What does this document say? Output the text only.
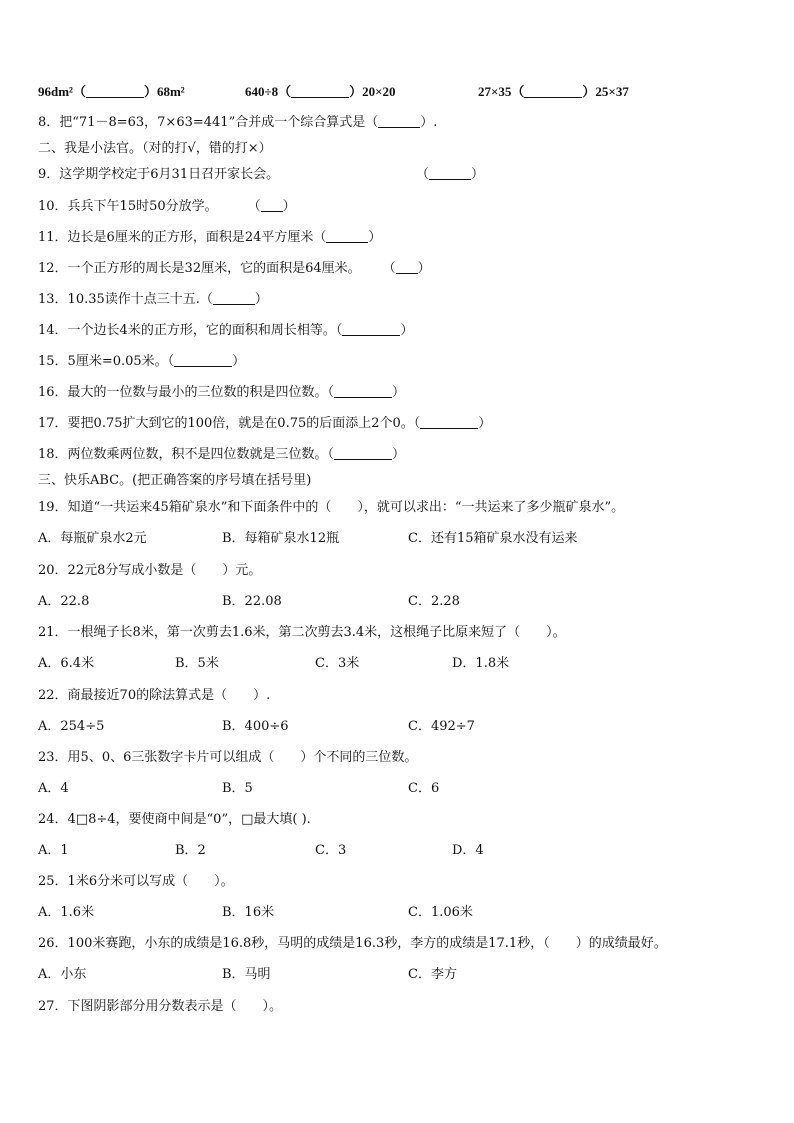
96dm²（	）68m²	640÷8（	）20×20	27×35（	）25×37
8．把“71－8=63，7×63=441”合并成一个综合算式是（	）.
二、我是小法官。（对的打√，错的打×）
9．这学期学校定于6月31日召开家长会。	（	）
10．兵兵下午15时50分放学。 （ ）
11．边长是6厘米的正方形，面积是24平方厘米（	）
12．一个正方形的周长是32厘米，它的面积是64厘米。 （ ）
13．10.35读作十点三十五.（	）
14．一个边长4米的正方形，它的面积和周长相等。（	）
15．5厘米=0.05米。（	）
16．最大的一位数与最小的三位数的积是四位数。（	）
17．要把0.75扩大到它的100倍，就是在0.75的后面添上2个0。（	）
18．两位数乘两位数，积不是四位数就是三位数。（	）
三、快乐ABC。(把正确答案的序号填在括号里)
19．知道“一共运来45箱矿泉水”和下面条件中的（　　），就可以求出：“一共运来了多少瓶矿泉水”。
A．每瓶矿泉水2元	B．每箱矿泉水12瓶	C．还有15箱矿泉水没有运来
20．22元8分写成小数是（　　）元。
A．22.8	B．22.08	C．2.28
21．一根绳子长8米，第一次剪去1.6米，第二次剪去3.4米，这根绳子比原来短了（　　）。
A．6.4米	B．5米	C．3米	D．1.8米
22．商最接近70的除法算式是（　　）.
A．254÷5	B．400÷6	C．492÷7
23．用5、0、6三张数字卡片可以组成（　　）个不同的三位数。
A．4	B．5	C．6
24．4□8÷4，要使商中间是“0”，□最大填( ).
A．1	B．2	C．3	D．4
25．1米6分米可以写成（　　）。
A．1.6米	B．16米	C．1.06米
26．100米赛跑，小东的成绩是16.8秒，马明的成绩是16.3秒，李方的成绩是17.1秒，（　　）的成绩最好。
A．小东	B．马明	C．李方
27．下图阴影部分用分数表示是（　　）。
